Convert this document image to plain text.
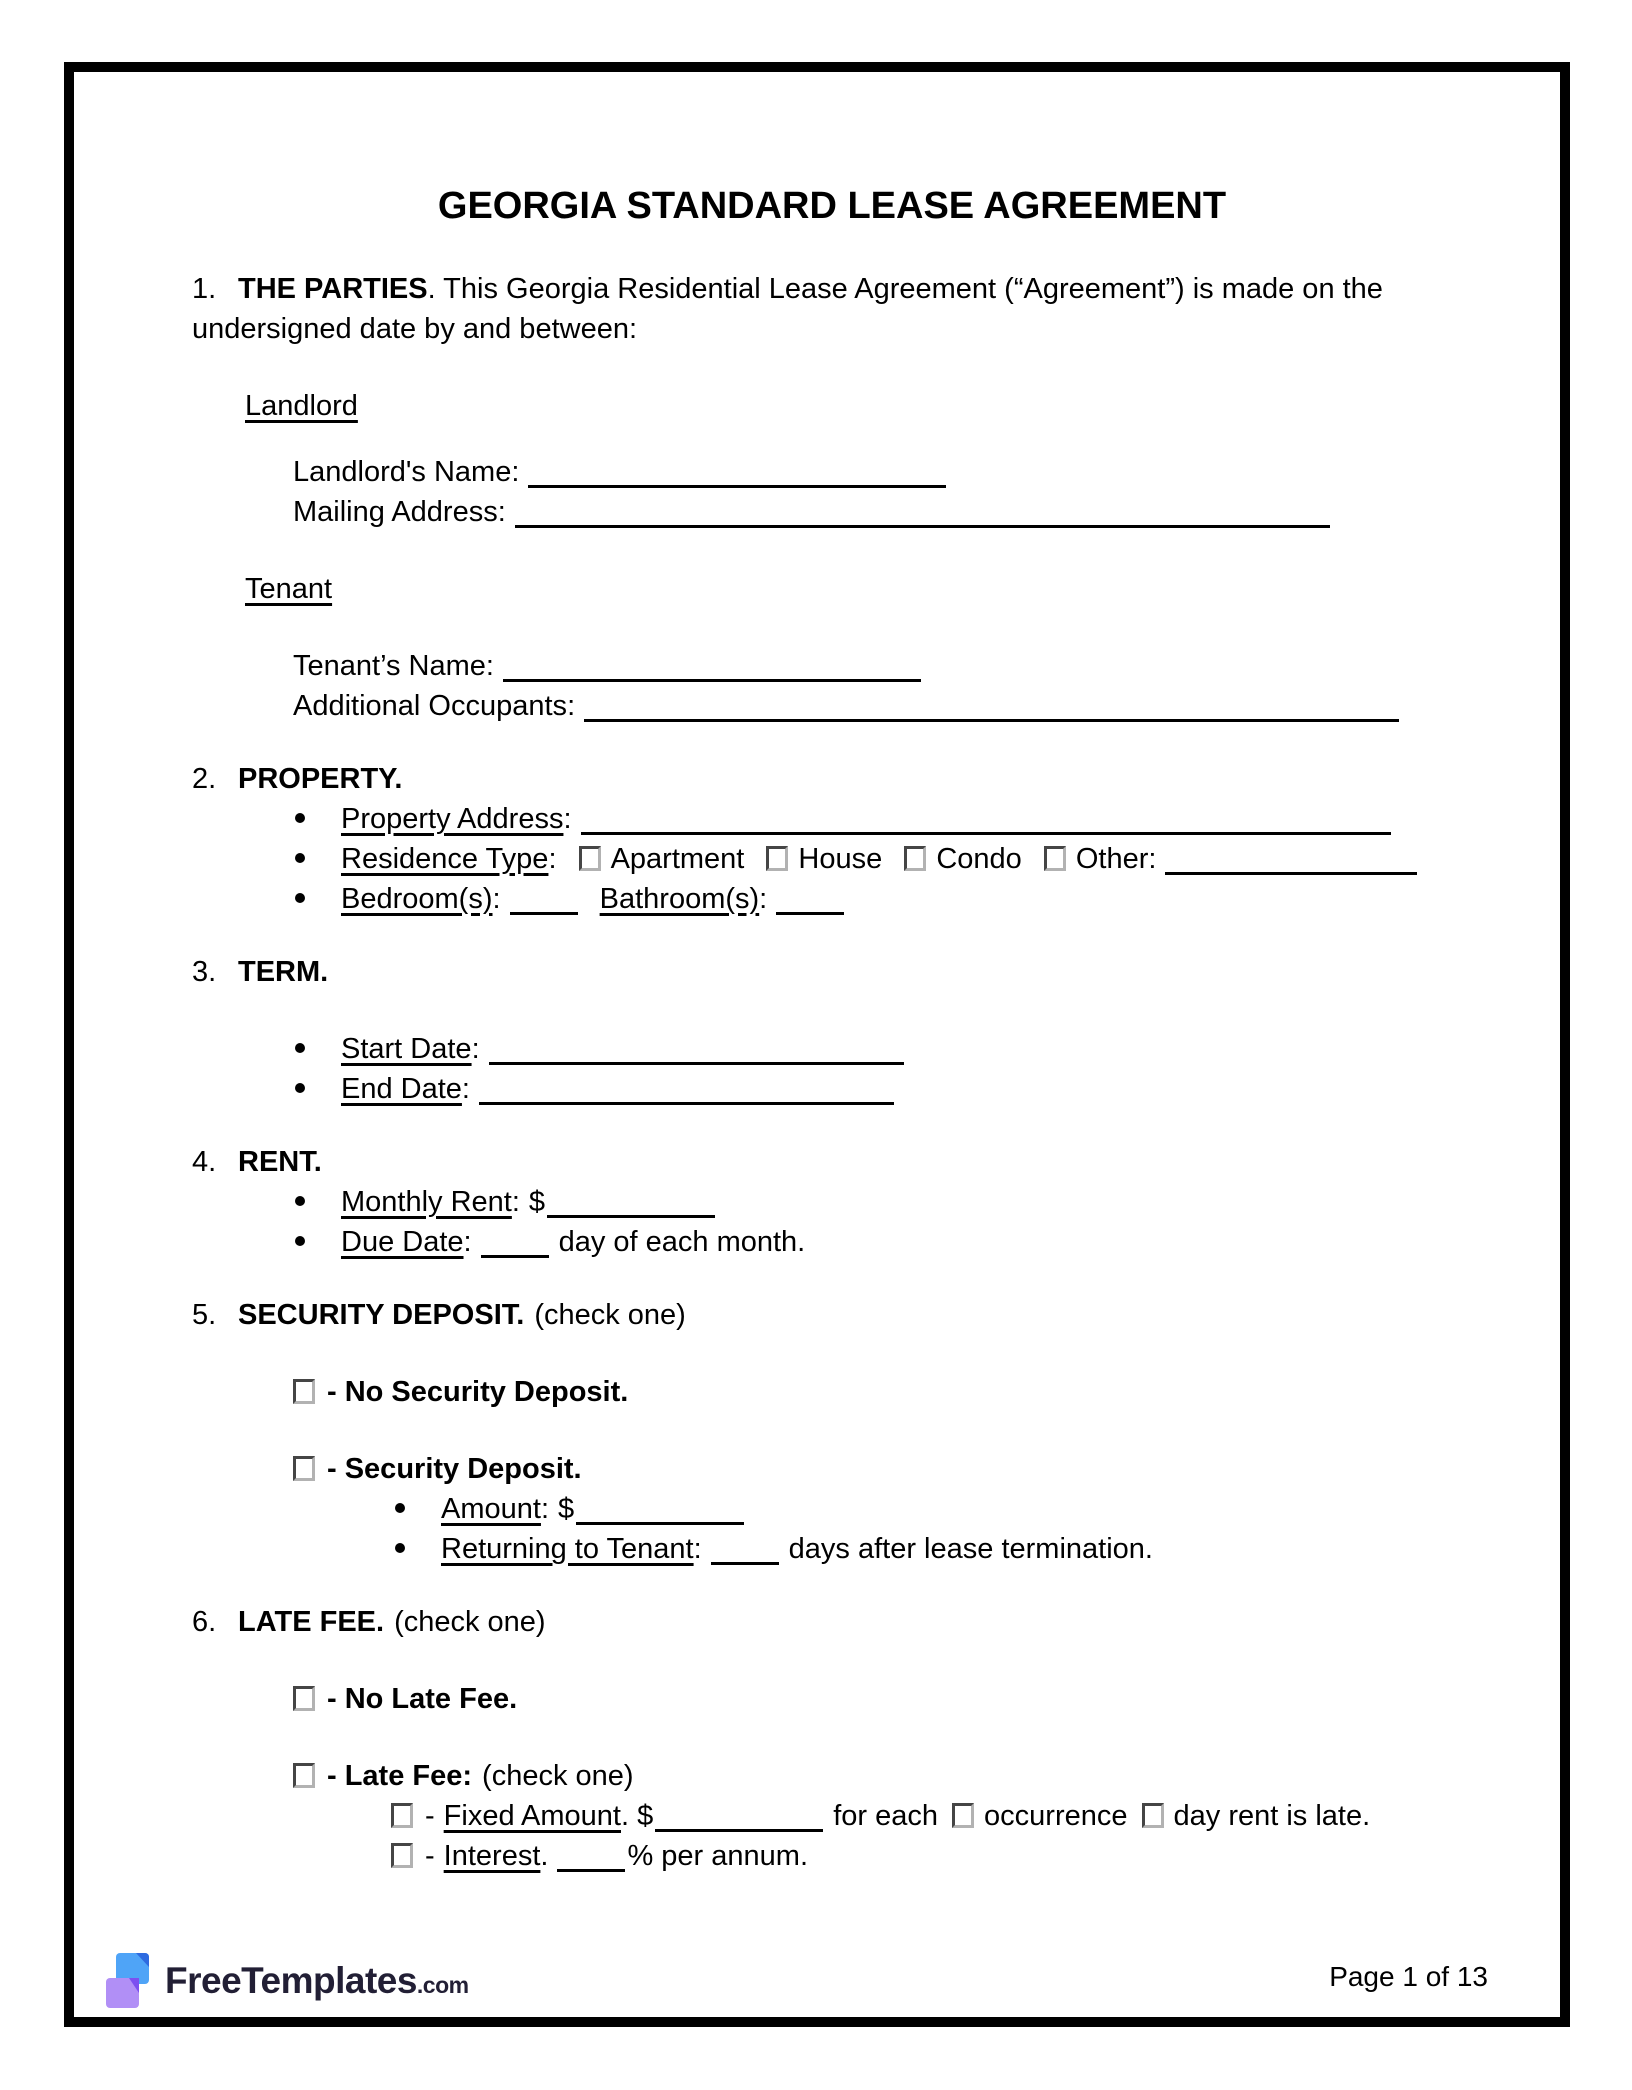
GEORGIA STANDARD LEASE AGREEMENT

1. THE PARTIES. This Georgia Residential Lease Agreement (“Agreement”) is made on the undersigned date by and between:

Landlord
Landlord's Name:
Mailing Address:
Tenant
Tenant’s Name:
Additional Occupants:
2. PROPERTY.
Property Address:
Residence Type: Apartment House Condo Other:
Bedroom(s):	Bathroom(s):
3. TERM.
Start Date:
End Date:
4. RENT.
Monthly Rent: $
Due Date:	day of each month.
5. SECURITY DEPOSIT. (check one)
- No Security Deposit.
- Security Deposit.
Amount: $
Returning to Tenant:	days after lease termination.
6. LATE FEE. (check one)
- No Late Fee.
- Late Fee: (check one)
- Fixed Amount. $	for each occurrence day rent is late.
- Interest.	% per annum.
FreeTemplates.com	Page 1 of 13
